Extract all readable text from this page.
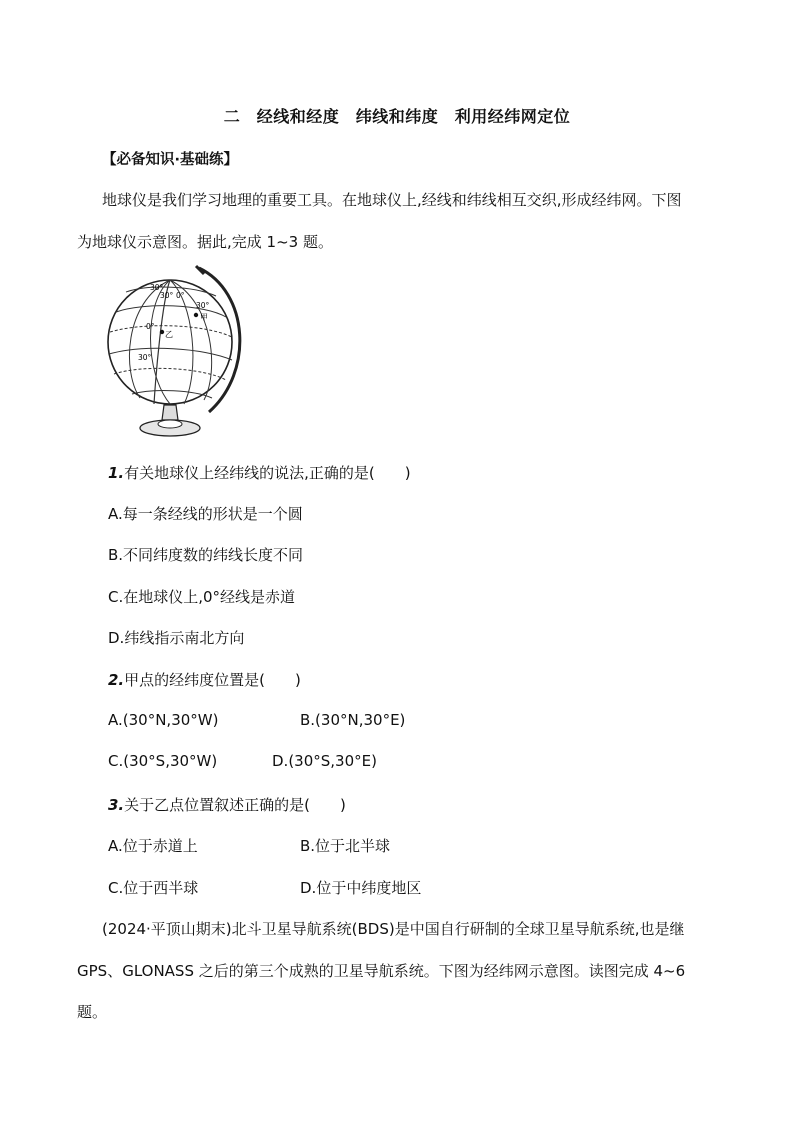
二　经线和经度　纬线和纬度　利用经纬网定位
【必备知识·基础练】
地球仪是我们学习地理的重要工具。在地球仪上,经线和纬线相互交织,形成经纬网。下图
为地球仪示意图。据此,完成 1~3 题。
30°
30° 0°
30°
甲
0°
乙
30°
1.有关地球仪上经纬线的说法,正确的是(　　)
A.每一条经线的形状是一个圆
B.不同纬度数的纬线长度不同
C.在地球仪上,0°经线是赤道
D.纬线指示南北方向
2.甲点的经纬度位置是(　　)
A.(30°N,30°W)	B.(30°N,30°E)
C.(30°S,30°W)	D.(30°S,30°E)
3.关于乙点位置叙述正确的是(　　)
A.位于赤道上	B.位于北半球
C.位于西半球	D.位于中纬度地区
(2024·平顶山期末)北斗卫星导航系统(BDS)是中国自行研制的全球卫星导航系统,也是继
GPS、GLONASS 之后的第三个成熟的卫星导航系统。下图为经纬网示意图。读图完成 4~6
题。
